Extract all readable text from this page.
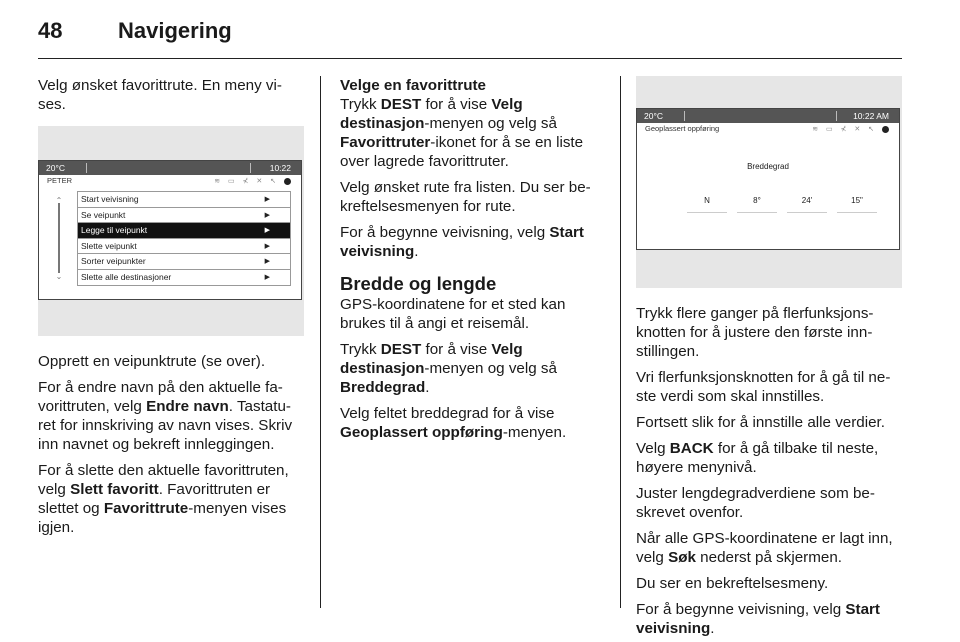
48	Navigering

Velg ønsket favorittrute. En meny vi-ses.

20°C	10:22
PETER	≋ ▭ ⊀ ✕ ↖
⌃
⌄
Start veivisning	▶
Se veipunkt	▶
Legge til veipunkt	▶
Slette veipunkt	▶
Sorter veipunkter	▶
Slette alle destinasjoner	▶

Opprett en veipunktrute (se over).

For å endre navn på den aktuelle fa-vorittruten, velg Endre navn. Tastatu-ret for innskriving av navn vises. Skriv inn navnet og bekreft innleggingen.

For å slette den aktuelle favorittruten, velg Slett favoritt. Favorittruten er slettet og Favorittrute-menyen vises igjen.

Velge en favorittrute

Trykk DEST for å vise Velg destinasjon-menyen og velg så Favorittruter-ikonet for å se en liste over lagrede favorittruter.

Velg ønsket rute fra listen. Du ser be-kreftelsesmenyen for rute.

For å begynne veivisning, velg Start veivisning.

Bredde og lengde

GPS-koordinatene for et sted kan brukes til å angi et reisemål.

Trykk DEST for å vise Velg destinasjon-menyen og velg så Breddegrad.

Velg feltet breddegrad for å vise Geoplassert oppføring-menyen.

20°C	10:22 AM
Geoplassert oppføring	≋ ▭ ⊀ ✕ ↖
Breddegrad
N	8°	24'	15"

Trykk flere ganger på flerfunksjons-knotten for å justere den første inn-stillingen.

Vri flerfunksjonsknotten for å gå til ne-ste verdi som skal innstilles.

Fortsett slik for å innstille alle verdier.

Velg BACK for å gå tilbake til neste, høyere menynivå.

Juster lengdegradverdiene som be-skrevet ovenfor.

Når alle GPS-koordinatene er lagt inn, velg Søk nederst på skjermen.

Du ser en bekreftelsesmeny.

For å begynne veivisning, velg Start veivisning.
